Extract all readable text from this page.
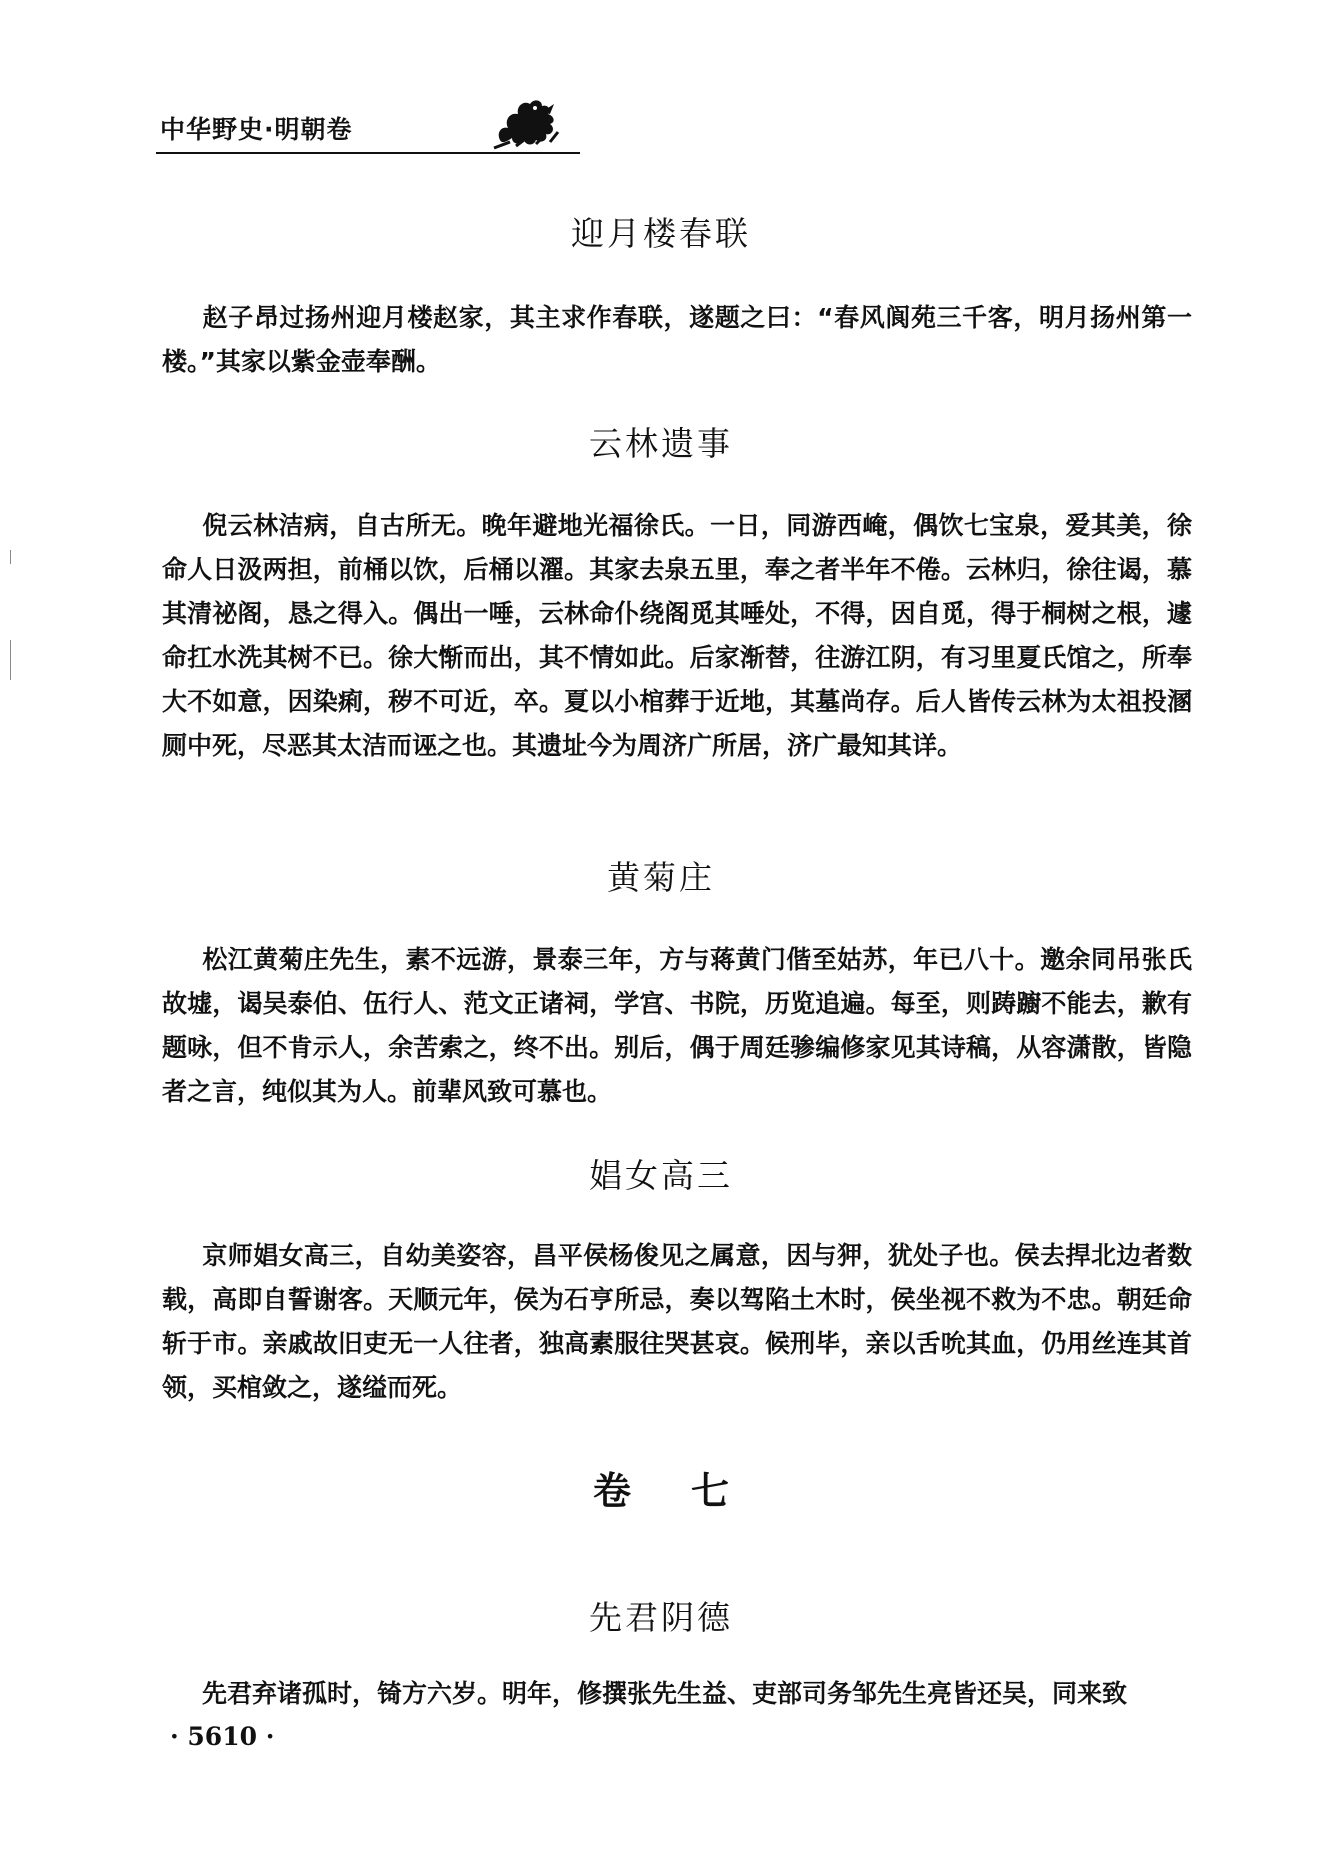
中华野史·明朝卷
迎月楼春联

赵子昂过扬州迎月楼赵家，其主求作春联，遂题之曰：“春风阆苑三千客，明月扬州第一楼。”其家以紫金壶奉酬。

云林遗事

倪云林洁病，自古所无。晚年避地光福徐氏。一日，同游西崦，偶饮七宝泉，爱其美，徐命人日汲两担，前桶以饮，后桶以濯。其家去泉五里，奉之者半年不倦。云林归，徐往谒，慕其清祕阁，恳之得入。偶出一唾，云林命仆绕阁觅其唾处，不得，因自觅，得于桐树之根，遽命扛水洗其树不已。徐大惭而出，其不情如此。后家渐替，往游江阴，有习里夏氏馆之，所奉大不如意，因染痢，秽不可近，卒。夏以小棺葬于近地，其墓尚存。后人皆传云林为太祖投溷厕中死，尽恶其太洁而诬之也。其遗址今为周济广所居，济广最知其详。

黄菊庄

松江黄菊庄先生，素不远游，景泰三年，方与蒋黄门偕至姑苏，年已八十。邀余同吊张氏故墟，谒吴泰伯、伍行人、范文正诸祠，学宫、书院，历览追遍。每至，则踌躕不能去，歉有题咏，但不肯示人，余苦索之，终不出。别后，偶于周廷骖编修家见其诗稿，从容潇散，皆隐者之言，纯似其为人。前辈风致可慕也。

娼女高三

京师娼女高三，自幼美姿容，昌平侯杨俊见之属意，因与狎，犹处子也。侯去捍北边者数载，高即自誓谢客。天顺元年，侯为石亨所忌，奏以驾陷土木时，侯坐视不救为不忠。朝廷命斩于市。亲戚故旧吏无一人往者，独高素服往哭甚哀。候刑毕，亲以舌吮其血，仍用丝连其首领，买棺敛之，遂缢而死。

卷 七
先君阴德

先君弃诸孤时，锜方六岁。明年，修撰张先生益、吏部司务邹先生亮皆还吴，同来致

· 5610 ·
